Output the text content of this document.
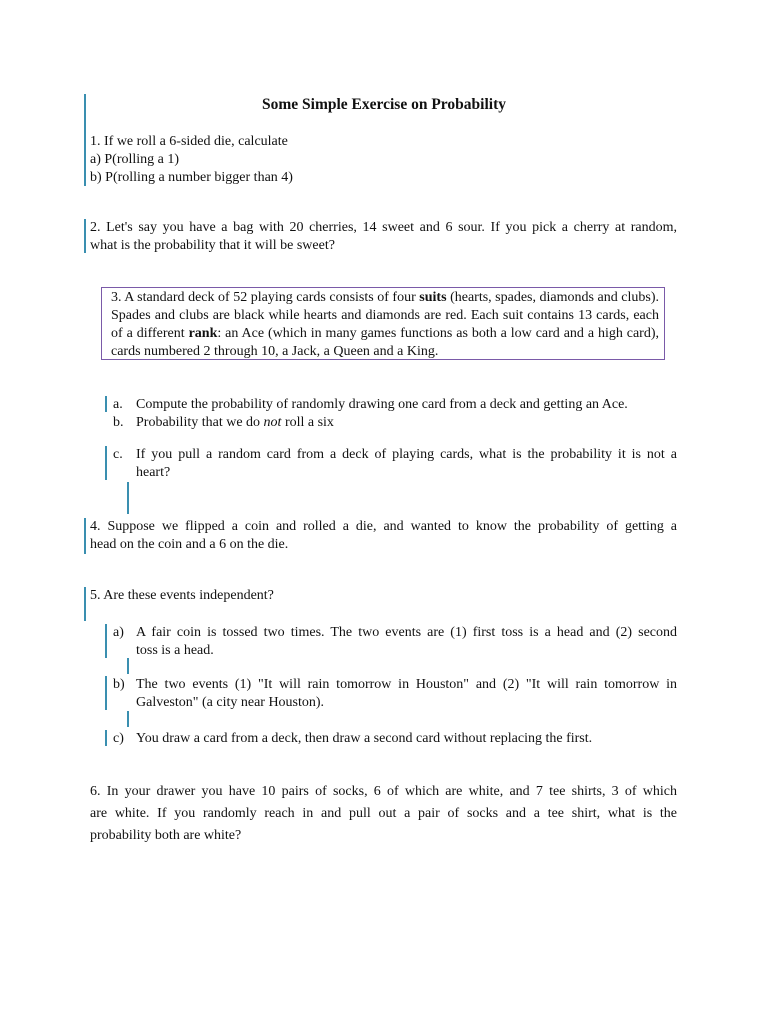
Some Simple Exercise on Probability
1. If we roll a 6-sided die, calculate
a) P(rolling a 1)
b) P(rolling a number bigger than 4)
2. Let's say you have a bag with 20 cherries, 14 sweet and 6 sour. If you pick a cherry at random,
what is the probability that it will be sweet?
3. A standard deck of 52 playing cards consists of four suits (hearts, spades, diamonds and clubs). Spades and clubs are black while hearts and diamonds are red. Each suit contains 13 cards, each of a different rank: an Ace (which in many games functions as both a low card and a high card), cards numbered 2 through 10, a Jack, a Queen and a King.
a. Compute the probability of randomly drawing one card from a deck and getting an Ace.
b. Probability that we do not roll a six
c. If you pull a random card from a deck of playing cards, what is the probability it is not a
heart?
4. Suppose we flipped a coin and rolled a die, and wanted to know the probability of getting a
head on the coin and a 6 on the die.
5. Are these events independent?
a) A fair coin is tossed two times. The two events are (1) first toss is a head and (2) second
toss is a head.
b) The two events (1) "It will rain tomorrow in Houston" and (2) "It will rain tomorrow in
Galveston" (a city near Houston).
c) You draw a card from a deck, then draw a second card without replacing the first.
6. In your drawer you have 10 pairs of socks, 6 of which are white, and 7 tee shirts, 3 of which
are white. If you randomly reach in and pull out a pair of socks and a tee shirt, what is the
probability both are white?
